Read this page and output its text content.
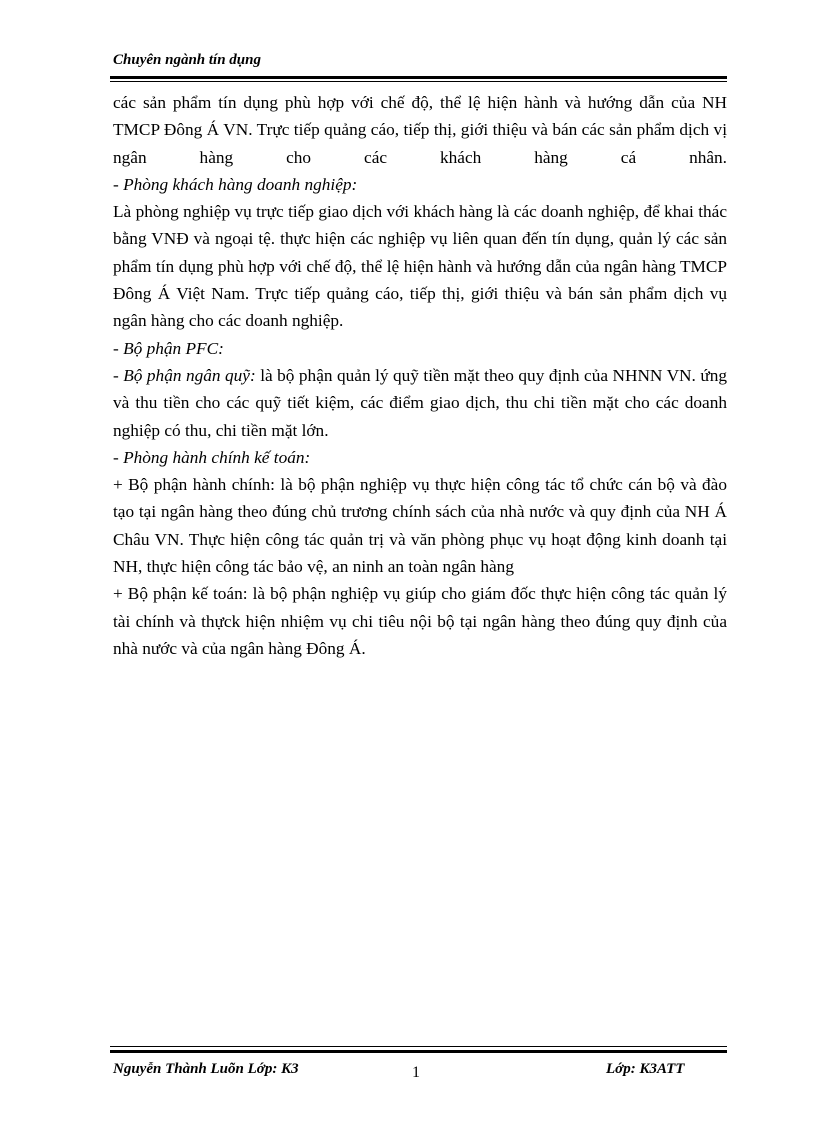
Chuyên ngành tín dụng

các sản phẩm tín dụng phù hợp với chế độ, thể lệ hiện hành và hướng dẫn của NH TMCP Đông Á VN. Trực tiếp quảng cáo, tiếp thị, giới thiệu và bán các sản phẩm dịch vị ngân hàng cho các khách hàng cá nhân.

- Phòng khách hàng doanh nghiệp:

Là phòng nghiệp vụ trực tiếp giao dịch với khách hàng là các doanh nghiệp, để khai thác bằng VNĐ và ngoại tệ. thực hiện các nghiệp vụ liên quan đến tín dụng, quản lý các sản phẩm tín dụng phù hợp với chế độ, thể lệ hiện hành và hướng dẫn của ngân hàng TMCP Đông Á Việt Nam. Trực tiếp quảng cáo, tiếp thị, giới thiệu và bán sản phẩm dịch vụ ngân hàng cho các doanh nghiệp.

- Bộ phận PFC:

- Bộ phận ngân quỹ: là bộ phận quản lý quỹ tiền mặt theo quy định của NHNN VN. ứng và thu tiền cho các quỹ tiết kiệm, các điểm giao dịch, thu chi tiền mặt cho các doanh nghiệp có thu, chi tiền mặt lớn.

- Phòng hành chính kế toán:

+ Bộ phận hành chính: là bộ phận nghiệp vụ thực hiện công tác tổ chức cán bộ và đào tạo tại ngân hàng theo đúng chủ trương chính sách của nhà nước và quy định của NH Á Châu VN. Thực hiện công tác quản trị và văn phòng phục vụ hoạt động kinh doanh tại NH, thực hiện công tác bảo vệ, an ninh an toàn ngân hàng

+ Bộ phận kế toán: là bộ phận nghiệp vụ giúp cho giám đốc thực hiện công tác quản lý tài chính và thựck hiện nhiệm vụ chi tiêu nội bộ tại ngân hàng theo đúng quy định của nhà nước và của ngân hàng Đông Á.

Nguyễn Thành Luõn Lớp: K3	1	Lớp: K3ATT
